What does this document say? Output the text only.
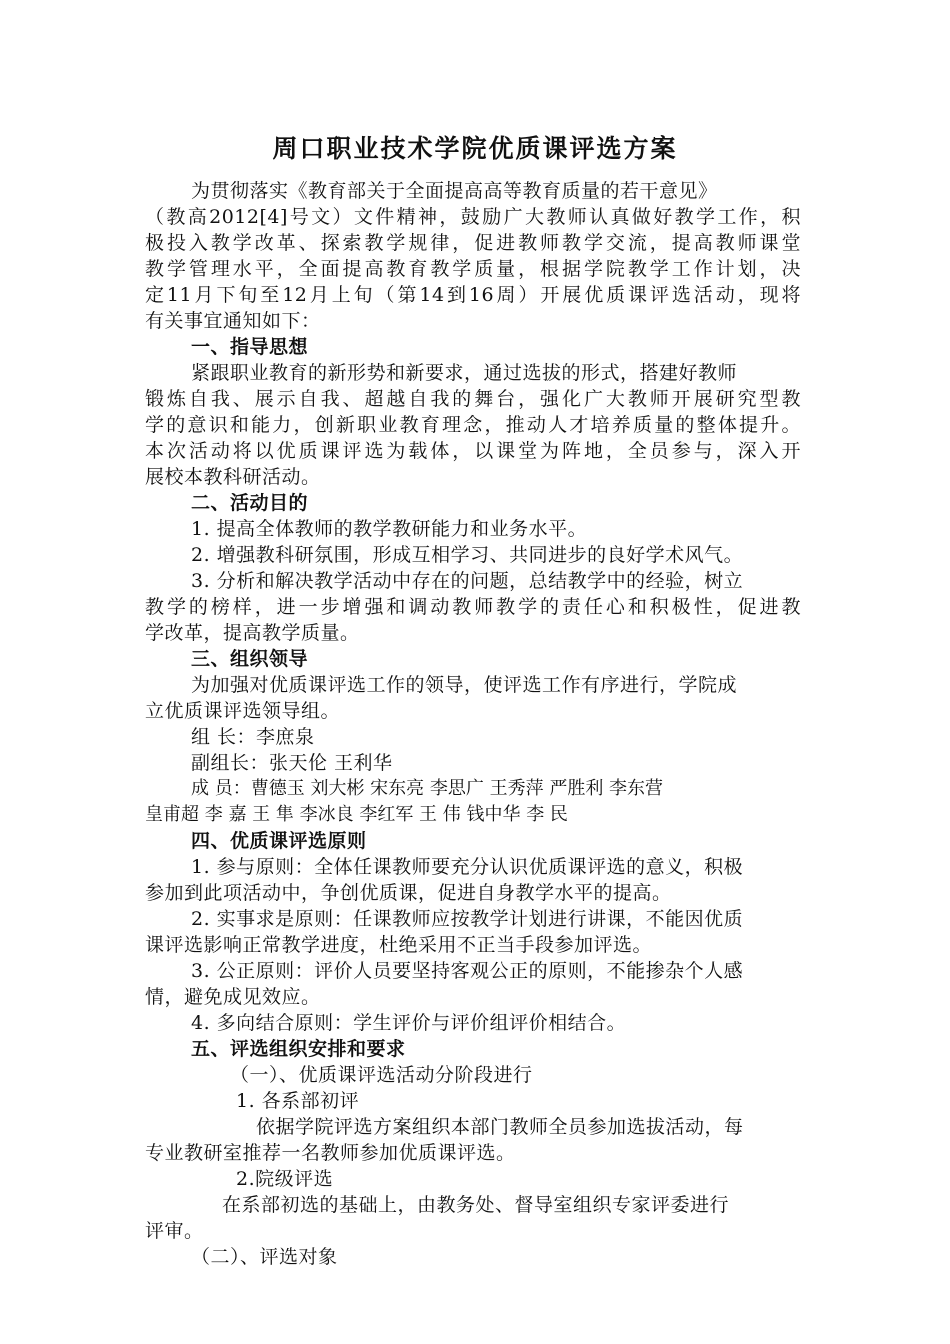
周口职业技术学院优质课评选方案
为贯彻落实《教育部关于全面提高高等教育质量的若干意见》
（教高2012[4]号文）文件精神，鼓励广大教师认真做好教学工作，积
极投入教学改革、探索教学规律，促进教师教学交流，提高教师课堂
教学管理水平，全面提高教育教学质量，根据学院教学工作计划，决
定11月下旬至12月上旬（第14到16周）开展优质课评选活动，现将
有关事宜通知如下：
一、指导思想
紧跟职业教育的新形势和新要求，通过选拔的形式，搭建好教师
锻炼自我、展示自我、超越自我的舞台，强化广大教师开展研究型教
学的意识和能力，创新职业教育理念，推动人才培养质量的整体提升。
本次活动将以优质课评选为载体，以课堂为阵地，全员参与，深入开
展校本教科研活动。
二、活动目的
1. 提高全体教师的教学教研能力和业务水平。
2. 增强教科研氛围，形成互相学习、共同进步的良好学术风气。
3. 分析和解决教学活动中存在的问题，总结教学中的经验，树立
教学的榜样，进一步增强和调动教师教学的责任心和积极性，促进教
学改革，提高教学质量。
三、组织领导
为加强对优质课评选工作的领导，使评选工作有序进行，学院成
立优质课评选领导组。
组 长：李庶泉
副组长：张天伦 王利华
成 员：曹德玉 刘大彬 宋东亮 李思广 王秀萍 严胜利 李东营
皇甫超 李 嘉 王 隼 李冰良 李红军 王 伟 钱中华 李 民
四、优质课评选原则
1. 参与原则：全体任课教师要充分认识优质课评选的意义，积极
参加到此项活动中，争创优质课，促进自身教学水平的提高。
2. 实事求是原则：任课教师应按教学计划进行讲课，不能因优质
课评选影响正常教学进度，杜绝采用不正当手段参加评选。
3. 公正原则：评价人员要坚持客观公正的原则，不能掺杂个人感
情，避免成见效应。
4. 多向结合原则：学生评价与评价组评价相结合。
五、评选组织安排和要求
（一）、优质课评选活动分阶段进行
1. 各系部初评
依据学院评选方案组织本部门教师全员参加选拔活动，每
专业教研室推荐一名教师参加优质课评选。
2.院级评选
在系部初选的基础上，由教务处、督导室组织专家评委进行
评审。
（二）、评选对象
